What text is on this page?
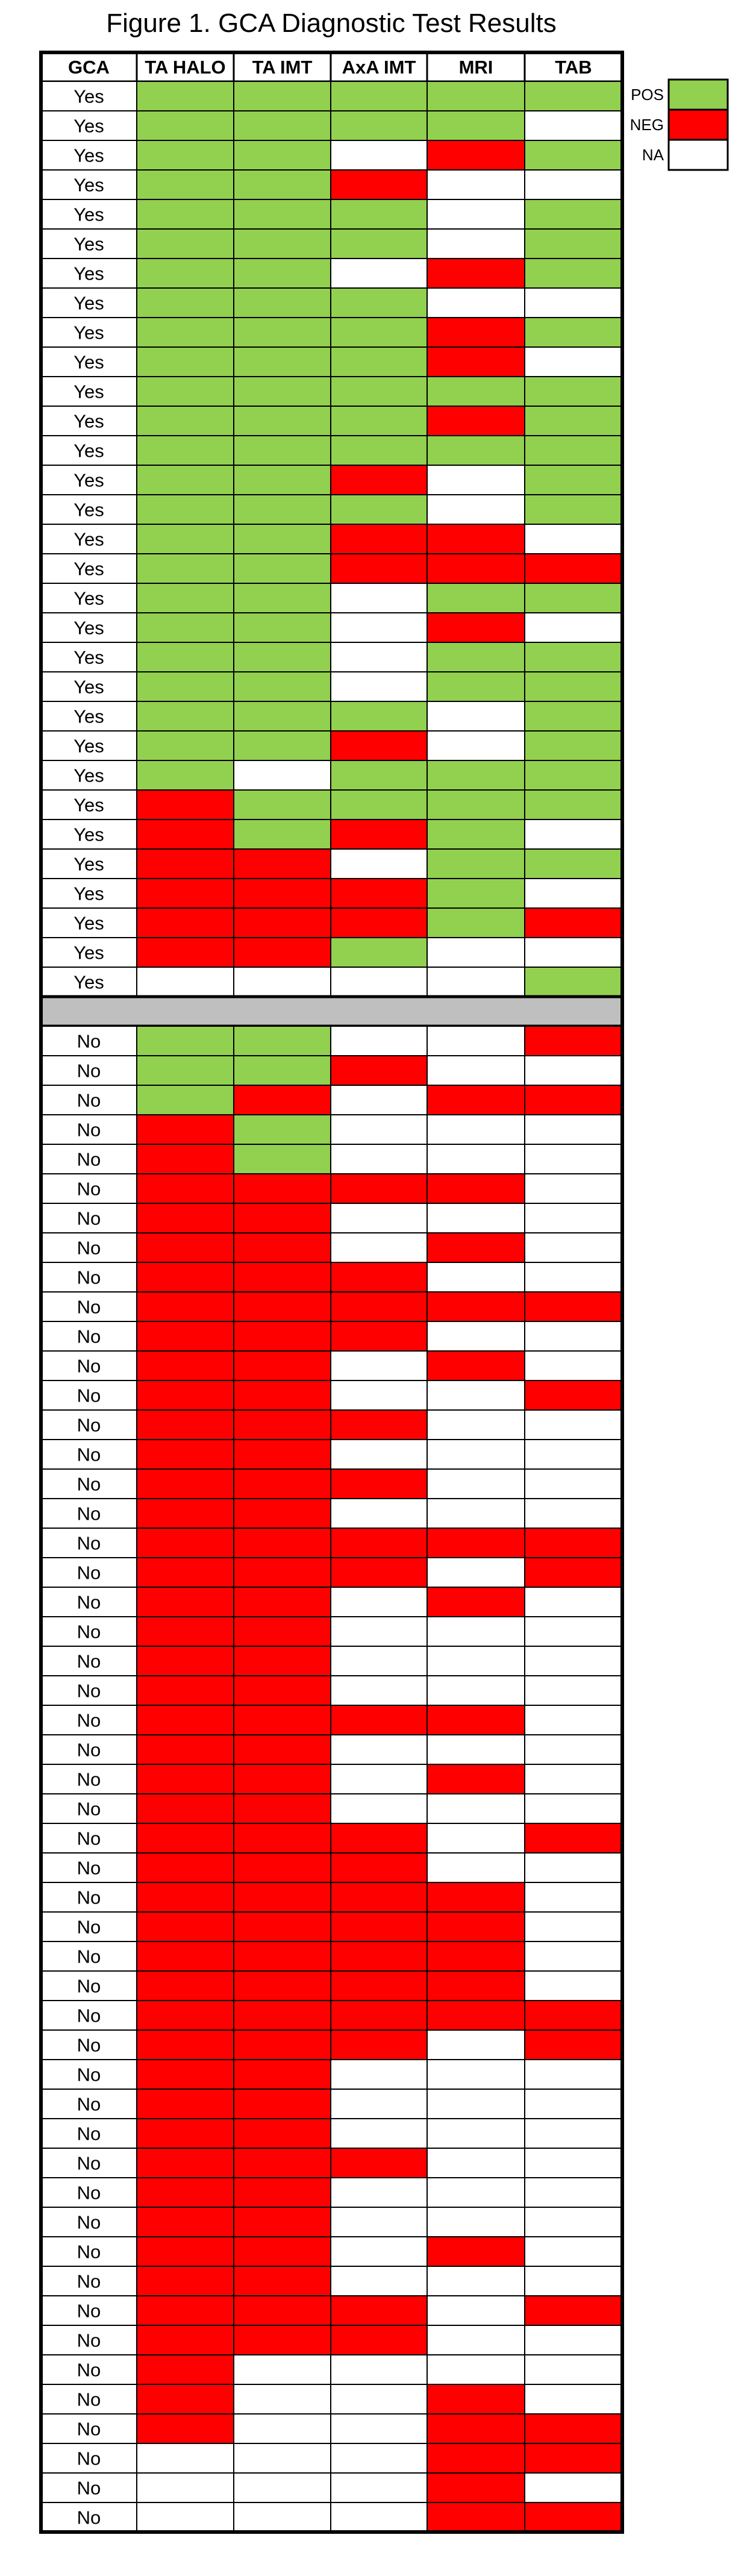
Figure 1. GCA Diagnostic Test Results
GCA TA HALO TA IMT AxA IMT MRI	TAB
Yes
Yes
Yes
Yes
Yes
Yes
Yes
Yes
Yes
Yes
Yes
Yes
Yes
Yes
Yes
Yes
Yes
Yes
Yes
Yes
Yes
Yes
Yes
Yes
Yes
Yes
Yes
Yes
Yes
Yes
Yes
No
No
No
No
No
No
No
No
No
No
No
No
No
No
No
No
No
No
No
No
No
No
No
No
No
No
No
No
No
No
No
No
No
No
No
No
No
No
No
No
No
No
No
No
No
No
No
No
No
No
No
POS
NEG
NA
